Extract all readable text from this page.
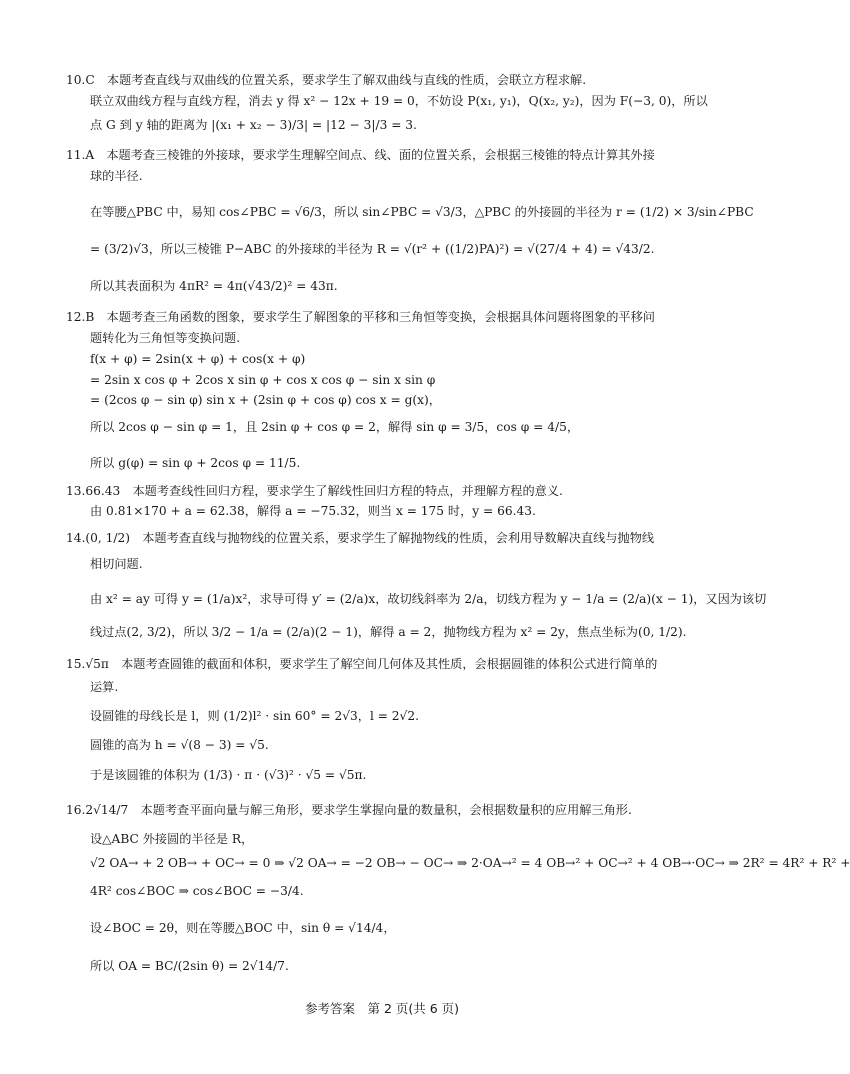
10.C　本题考查直线与双曲线的位置关系，要求学生了解双曲线与直线的性质，会联立方程求解.
联立双曲线方程与直线方程，消去 y 得 x² − 12x + 19 = 0，不妨设 P(x₁, y₁)，Q(x₂, y₂)，因为 F(−3, 0)，所以
点 G 到 y 轴的距离为 |(x₁ + x₂ − 3)/3| = |12 − 3|/3 = 3.
11.A　本题考查三棱锥的外接球，要求学生理解空间点、线、面的位置关系，会根据三棱锥的特点计算其外接
球的半径.
在等腰△PBC 中，易知 cos∠PBC = √6/3，所以 sin∠PBC = √3/3，△PBC 的外接圆的半径为 r = (1/2) × 3/sin∠PBC
= (3/2)√3，所以三棱锥 P−ABC 的外接球的半径为 R = √(r² + ((1/2)PA)²) = √(27/4 + 4) = √43/2.
所以其表面积为 4πR² = 4π(√43/2)² = 43π.
12.B　本题考查三角函数的图象，要求学生了解图象的平移和三角恒等变换，会根据具体问题将图象的平移问
题转化为三角恒等变换问题.
f(x + φ) = 2sin(x + φ) + cos(x + φ)
= 2sin x cos φ + 2cos x sin φ + cos x cos φ − sin x sin φ
= (2cos φ − sin φ) sin x + (2sin φ + cos φ) cos x = g(x)，
所以 2cos φ − sin φ = 1，且 2sin φ + cos φ = 2，解得 sin φ = 3/5，cos φ = 4/5，
所以 g(φ) = sin φ + 2cos φ = 11/5.
13.66.43　本题考查线性回归方程，要求学生了解线性回归方程的特点，并理解方程的意义.
由 0.81×170 + a = 62.38，解得 a = −75.32，则当 x = 175 时，y = 66.43.
14.(0, 1/2)　本题考查直线与抛物线的位置关系，要求学生了解抛物线的性质，会利用导数解决直线与抛物线
相切问题.
由 x² = ay 可得 y = (1/a)x²，求导可得 y′ = (2/a)x，故切线斜率为 2/a，切线方程为 y − 1/a = (2/a)(x − 1)，又因为该切
线过点(2, 3/2)，所以 3/2 − 1/a = (2/a)(2 − 1)，解得 a = 2，抛物线方程为 x² = 2y，焦点坐标为(0, 1/2).
15.√5π　本题考查圆锥的截面和体积，要求学生了解空间几何体及其性质，会根据圆锥的体积公式进行简单的
运算.
设圆锥的母线长是 l，则 (1/2)l² · sin 60° = 2√3，l = 2√2.
圆锥的高为 h = √(8 − 3) = √5.
于是该圆锥的体积为 (1/3) · π · (√3)² · √5 = √5π.
16.2√14/7　本题考查平面向量与解三角形，要求学生掌握向量的数量积，会根据数量积的应用解三角形.
设△ABC 外接圆的半径是 R，
√2 OA→ + 2 OB→ + OC→ = 0 ⇒ √2 OA→ = −2 OB→ − OC→ ⇒ 2·OA→² = 4 OB→² + OC→² + 4 OB→·OC→ ⇒ 2R² = 4R² + R² +
4R² cos∠BOC ⇒ cos∠BOC = −3/4.
设∠BOC = 2θ，则在等腰△BOC 中，sin θ = √14/4，
所以 OA = BC/(2sin θ) = 2√14/7.
参考答案　第 2 页(共 6 页)
